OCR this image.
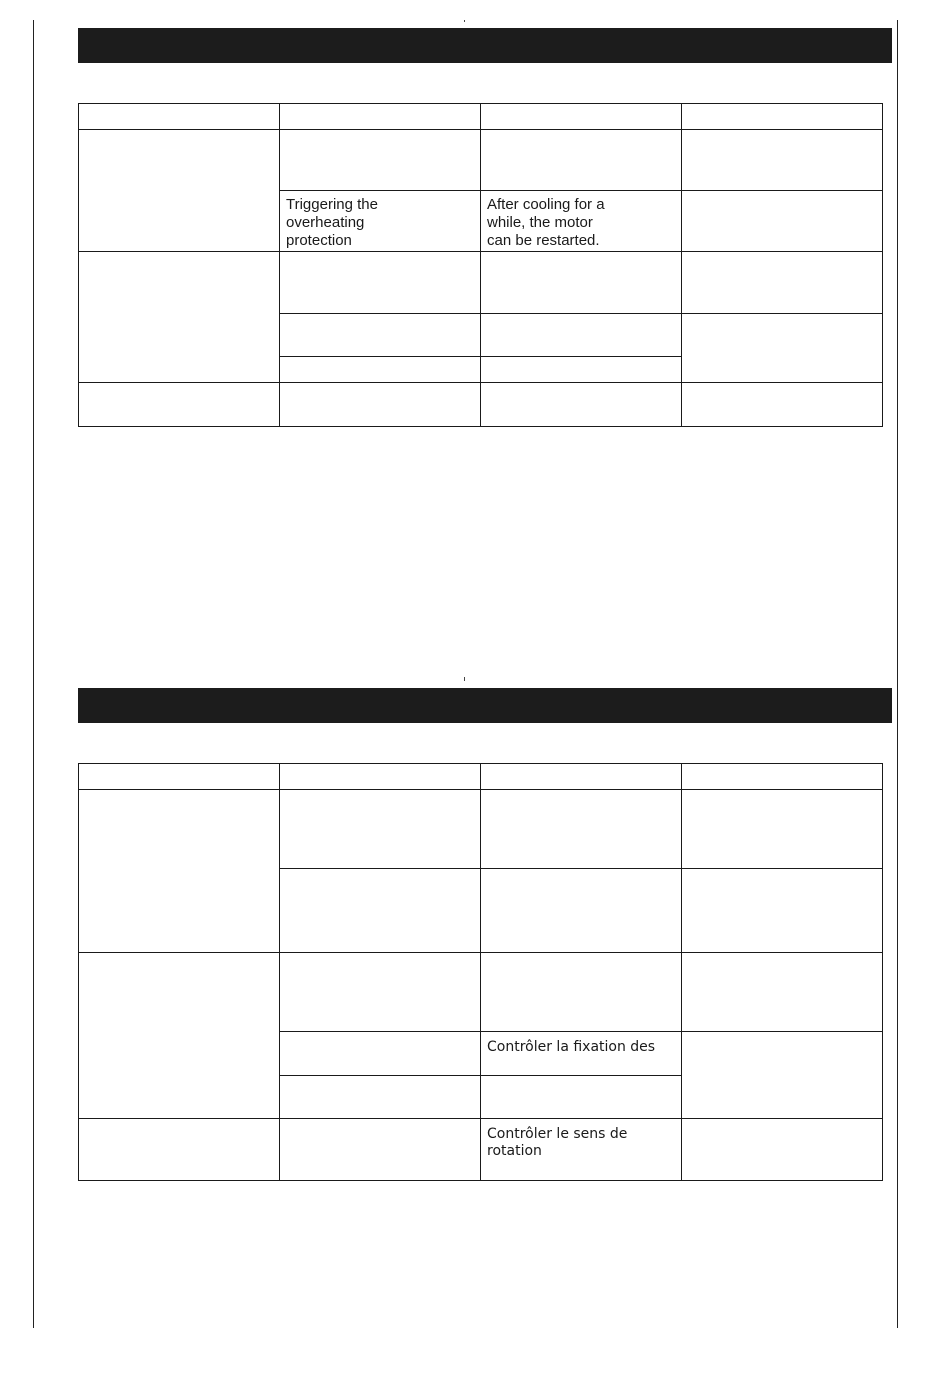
	Triggering the
overheating
protection	After cooling for a
while, the motor
can be restarted.	

		Contrôler la fixation des	

		Contrôler le sens de rotation	
